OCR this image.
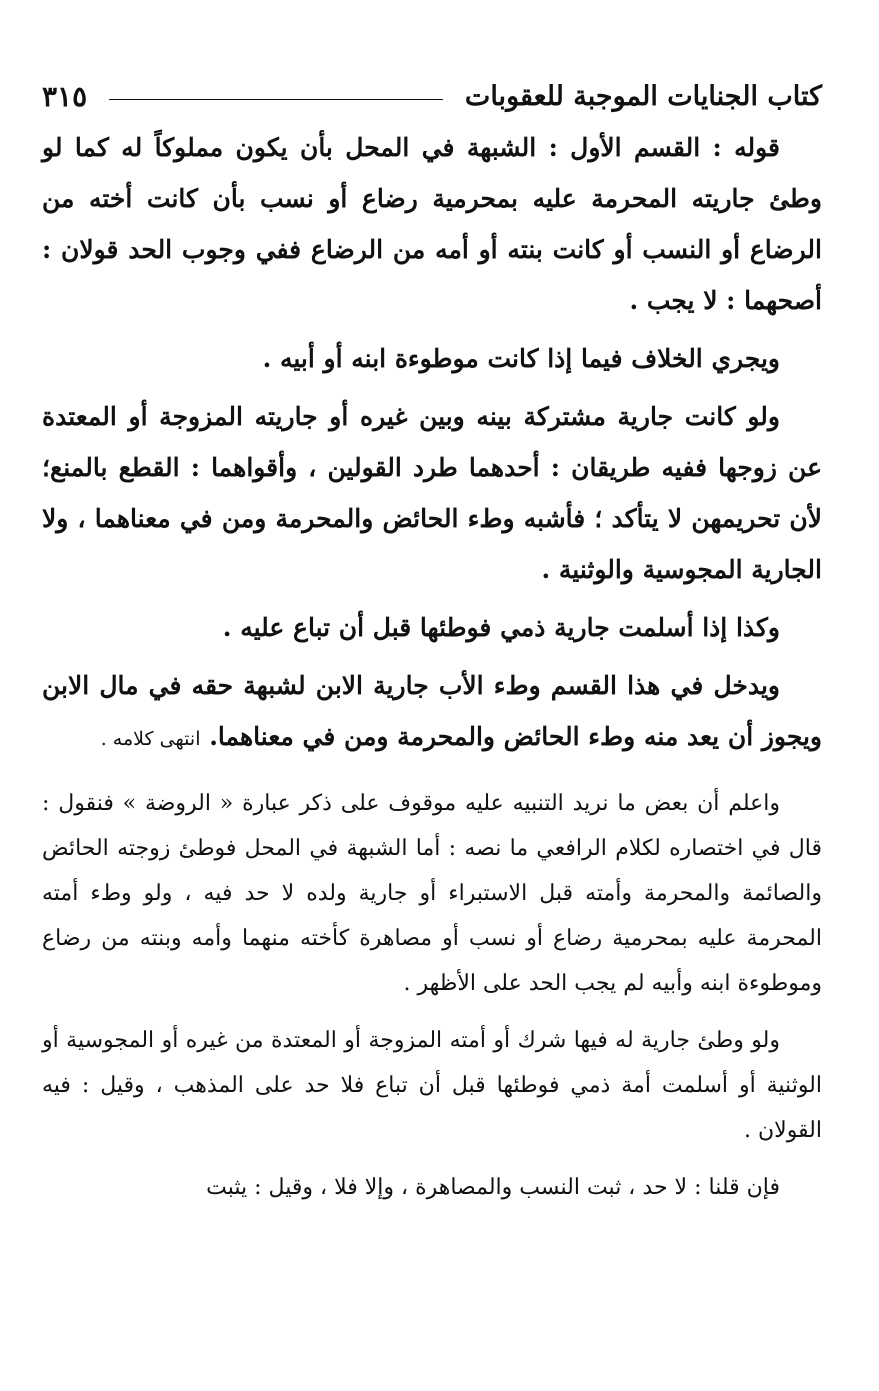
كتاب الجنايات الموجبة للعقوبات
٣١٥

قوله : القسم الأول : الشبهة في المحل بأن يكون مملوكاً له كما لو وطئ جاريته المحرمة عليه بمحرمية رضاع أو نسب بأن كانت أخته من الرضاع أو النسب أو كانت بنته أو أمه من الرضاع ففي وجوب الحد قولان : أصحهما : لا يجب .

ويجري الخلاف فيما إذا كانت موطوءة ابنه أو أبيه .

ولو كانت جارية مشتركة بينه وبين غيره أو جاريته المزوجة أو المعتدة عن زوجها ففيه طريقان : أحدهما طرد القولين ، وأقواهما : القطع بالمنع؛ لأن تحريمهن لا يتأكد ؛ فأشبه وطء الحائض والمحرمة ومن في معناهما ، ولا الجارية المجوسية والوثنية .

وكذا إذا أسلمت جارية ذمي فوطئها قبل أن تباع عليه .

ويدخل في هذا القسم وطء الأب جارية الابن لشبهة حقه في مال الابن ويجوز أن يعد منه وطء الحائض والمحرمة ومن في معناهما. انتهى كلامه .

واعلم أن بعض ما نريد التنبيه عليه موقوف على ذكر عبارة « الروضة » فنقول : قال في اختصاره لكلام الرافعي ما نصه : أما الشبهة في المحل فوطئ زوجته الحائض والصائمة والمحرمة وأمته قبل الاستبراء أو جارية ولده لا حد فيه ، ولو وطء أمته المحرمة عليه بمحرمية رضاع أو نسب أو مصاهرة كأخته منهما وأمه وبنته من رضاع وموطوءة ابنه وأبيه لم يجب الحد على الأظهر .

ولو وطئ جارية له فيها شرك أو أمته المزوجة أو المعتدة من غيره أو المجوسية أو الوثنية أو أسلمت أمة ذمي فوطئها قبل أن تباع فلا حد على المذهب ، وقيل : فيه القولان .

فإن قلنا : لا حد ، ثبت النسب والمصاهرة ، وإلا فلا ، وقيل : يثبت
